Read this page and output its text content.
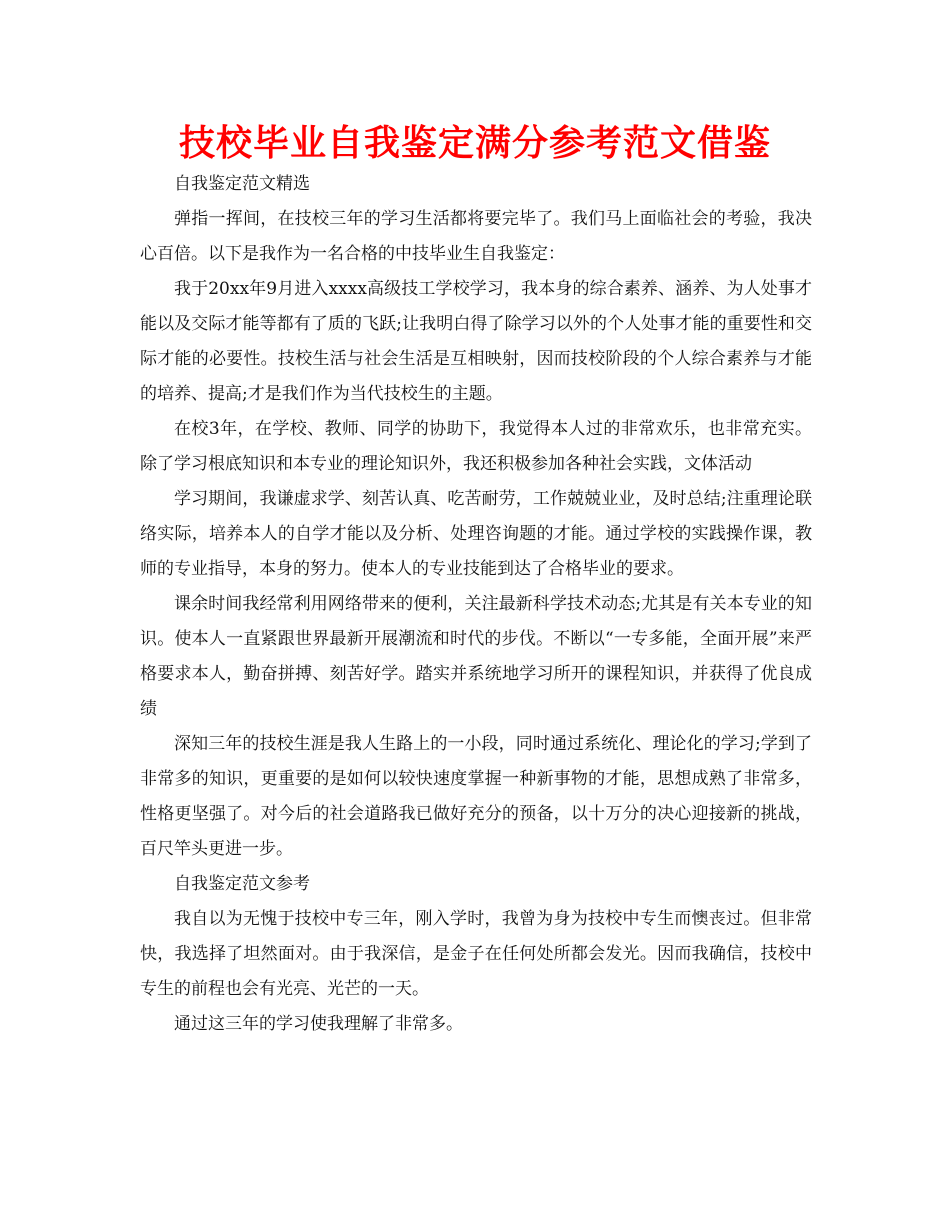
技校毕业自我鉴定满分参考范文借鉴

自我鉴定范文精选

弹指一挥间，在技校三年的学习生活都将要完毕了。我们马上面临社会的考验，我决心百倍。以下是我作为一名合格的中技毕业生自我鉴定：

我于20xx年9月进入xxxx高级技工学校学习，我本身的综合素养、涵养、为人处事才能以及交际才能等都有了质的飞跃;让我明白得了除学习以外的个人处事才能的重要性和交际才能的必要性。技校生活与社会生活是互相映射，因而技校阶段的个人综合素养与才能的培养、提高;才是我们作为当代技校生的主题。

在校3年，在学校、教师、同学的协助下，我觉得本人过的非常欢乐，也非常充实。除了学习根底知识和本专业的理论知识外，我还积极参加各种社会实践，文体活动

学习期间，我谦虚求学、刻苦认真、吃苦耐劳，工作兢兢业业，及时总结;注重理论联络实际，培养本人的自学才能以及分析、处理咨询题的才能。通过学校的实践操作课，教师的专业指导，本身的努力。使本人的专业技能到达了合格毕业的要求。

课余时间我经常利用网络带来的便利，关注最新科学技术动态;尤其是有关本专业的知识。使本人一直紧跟世界最新开展潮流和时代的步伐。不断以“一专多能，全面开展”来严格要求本人，勤奋拼搏、刻苦好学。踏实并系统地学习所开的课程知识，并获得了优良成绩

深知三年的技校生涯是我人生路上的一小段，同时通过系统化、理论化的学习;学到了非常多的知识，更重要的是如何以较快速度掌握一种新事物的才能，思想成熟了非常多，性格更坚强了。对今后的社会道路我已做好充分的预备，以十万分的决心迎接新的挑战，百尺竿头更进一步。

自我鉴定范文参考

我自以为无愧于技校中专三年，刚入学时，我曾为身为技校中专生而懊丧过。但非常快，我选择了坦然面对。由于我深信，是金子在任何处所都会发光。因而我确信，技校中专生的前程也会有光亮、光芒的一天。

通过这三年的学习使我理解了非常多。
